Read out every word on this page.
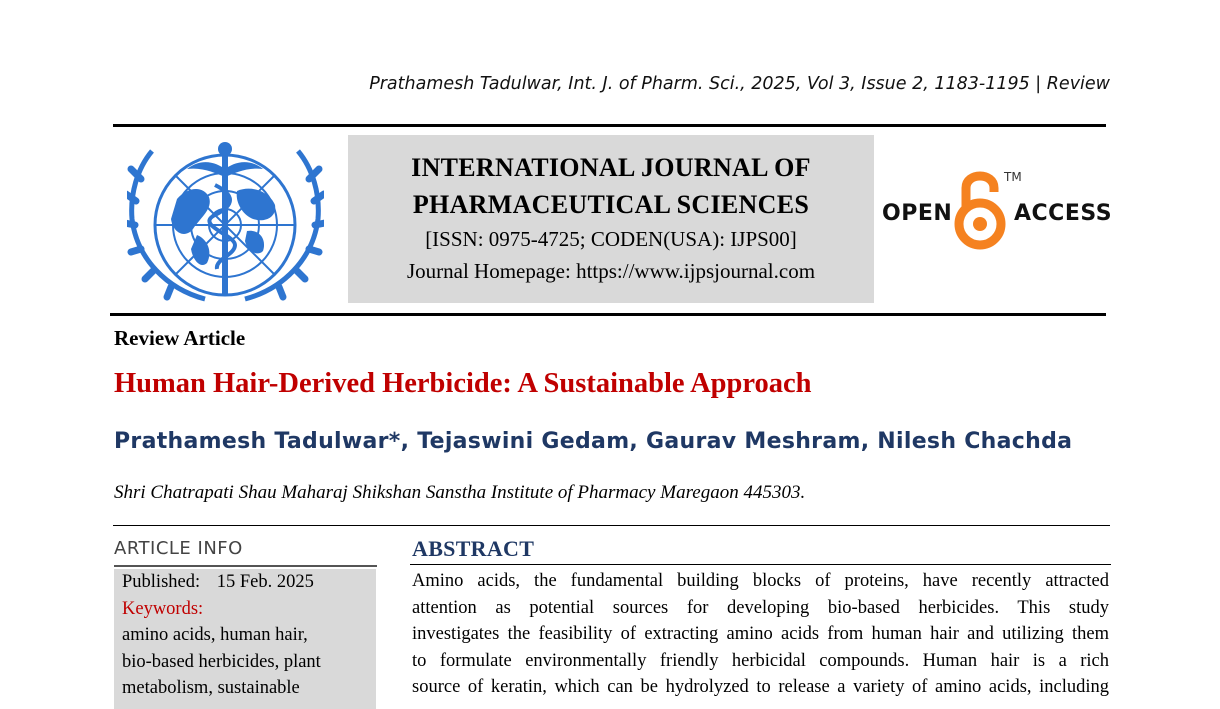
Prathamesh Tadulwar, Int. J. of Pharm. Sci., 2025, Vol 3, Issue 2, 1183-1195 | Review
INTERNATIONAL JOURNAL OF
PHARMACEUTICAL SCIENCES
[ISSN: 0975-4725; CODEN(USA): IJPS00]
Journal Homepage: https://www.ijpsjournal.com
OPEN
TM
ACCESS
Review Article
Human Hair-Derived Herbicide: A Sustainable Approach
Prathamesh Tadulwar*, Tejaswini Gedam, Gaurav Meshram, Nilesh Chachda
Shri Chatrapati Shau Maharaj Shikshan Sanstha Institute of Pharmacy Maregaon 445303.
ARTICLE INFO
Published: 15 Feb. 2025
Keywords:
amino acids, human hair,
bio-based herbicides, plant
metabolism, sustainable
ABSTRACT
Amino acids, the fundamental building blocks of proteins, have recently attracted
attention as potential sources for developing bio-based herbicides. This study
investigates the feasibility of extracting amino acids from human hair and utilizing them
to formulate environmentally friendly herbicidal compounds. Human hair is a rich
source of keratin, which can be hydrolyzed to release a variety of amino acids, including
